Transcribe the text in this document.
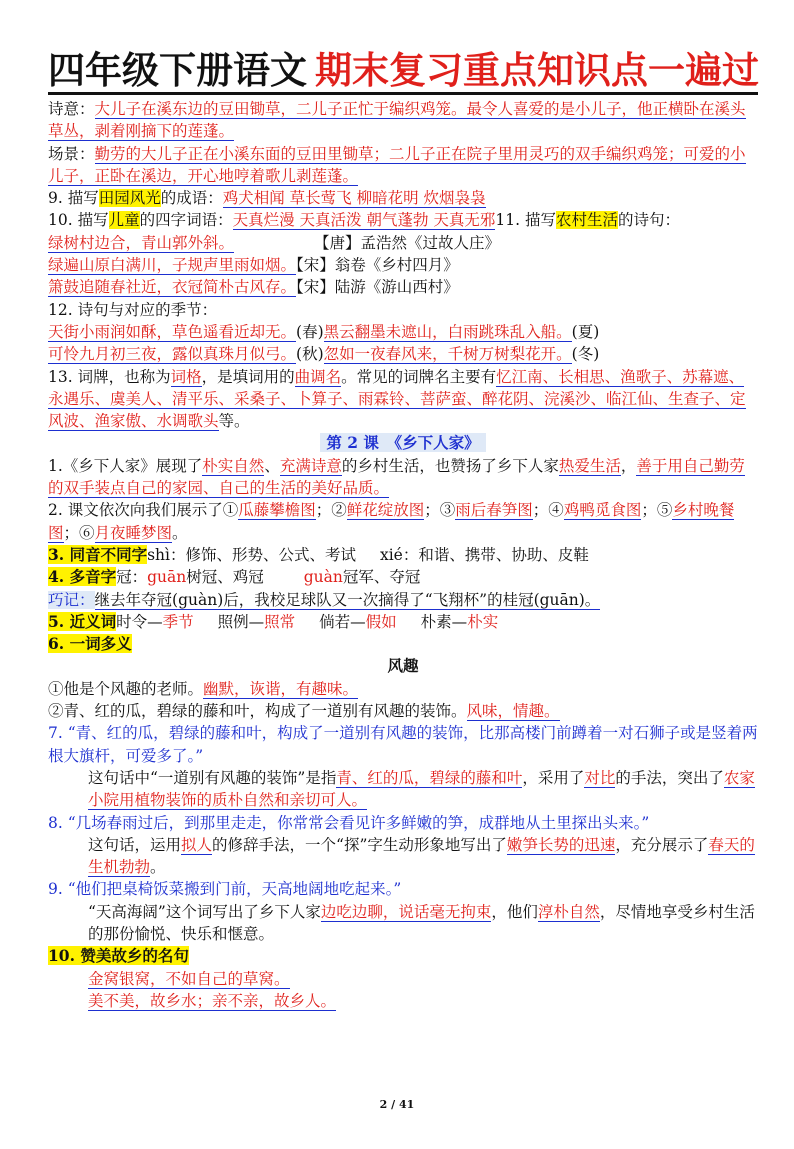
四年级下册语文 期末复习重点知识点一遍过

诗意：大儿子在溪东边的豆田锄草，二儿子正忙于编织鸡笼。最令人喜爱的是小儿子，他正横卧在溪头草丛，剥着刚摘下的莲蓬。

场景：勤劳的大儿子正在小溪东面的豆田里锄草；二儿子正在院子里用灵巧的双手编织鸡笼；可爱的小儿子，正卧在溪边，开心地哼着歌儿剥莲蓬。

9. 描写田园风光的成语：鸡犬相闻 草长莺飞 柳暗花明 炊烟袅袅

10. 描写儿童的四字词语：天真烂漫 天真活泼 朝气蓬勃 天真无邪11. 描写农村生活的诗句：

绿树村边合，青山郭外斜。	【唐】孟浩然《过故人庄》

绿遍山原白满川，子规声里雨如烟。【宋】翁卷《乡村四月》

箫鼓追随春社近，衣冠简朴古风存。【宋】陆游《游山西村》

12. 诗句与对应的季节：

天街小雨润如酥，草色遥看近却无。(春)黑云翻墨未遮山，白雨跳珠乱入船。(夏)

可怜九月初三夜，露似真珠月似弓。(秋)忽如一夜春风来，千树万树梨花开。(冬)

13. 词牌，也称为词格，是填词用的曲调名。常见的词牌名主要有忆江南、长相思、渔歌子、苏幕遮、永遇乐、虞美人、清平乐、采桑子、卜算子、雨霖铃、菩萨蛮、醉花阴、浣溪沙、临江仙、生查子、定风波、渔家傲、水调歌头等。

第 2 课　《乡下人家》

1.《乡下人家》展现了朴实自然、充满诗意的乡村生活，也赞扬了乡下人家热爱生活，善于用自己勤劳的双手装点自己的家园、自己的生活的美好品质。

2. 课文依次向我们展示了①瓜藤攀檐图；②鲜花绽放图；③雨后春笋图；④鸡鸭觅食图；⑤乡村晚餐图；⑥月夜睡梦图。

3. 同音不同字shì：修饰、形势、公式、考试 xié：和谐、携带、协助、皮鞋

4. 多音字冠：guān树冠、鸡冠	guàn冠军、夺冠

巧记：继去年夺冠(guàn)后，我校足球队又一次摘得了“飞翔杯”的桂冠(guān)。

5. 近义词时令—季节 照例—照常 倘若—假如 朴素—朴实

6. 一词多义

风趣

①他是个风趣的老师。幽默，诙谐，有趣味。

②青、红的瓜，碧绿的藤和叶，构成了一道别有风趣的装饰。风味，情趣。

7. “青、红的瓜，碧绿的藤和叶，构成了一道别有风趣的装饰，比那高楼门前蹲着一对石狮子或是竖着两根大旗杆，可爱多了。”

这句话中“一道别有风趣的装饰”是指青、红的瓜，碧绿的藤和叶，采用了对比的手法，突出了农家小院用植物装饰的质朴自然和亲切可人。

8. “几场春雨过后，到那里走走，你常常会看见许多鲜嫩的笋，成群地从土里探出头来。”

这句话，运用拟人的修辞手法，一个“探”字生动形象地写出了嫩笋长势的迅速，充分展示了春天的生机勃勃。

9. “他们把桌椅饭菜搬到门前，天高地阔地吃起来。”

“天高海阔”这个词写出了乡下人家边吃边聊，说话毫无拘束，他们淳朴自然，尽情地享受乡村生活的那份愉悦、快乐和惬意。

10. 赞美故乡的名句

金窝银窝，不如自己的草窝。

美不美，故乡水；亲不亲，故乡人。

2 / 41
